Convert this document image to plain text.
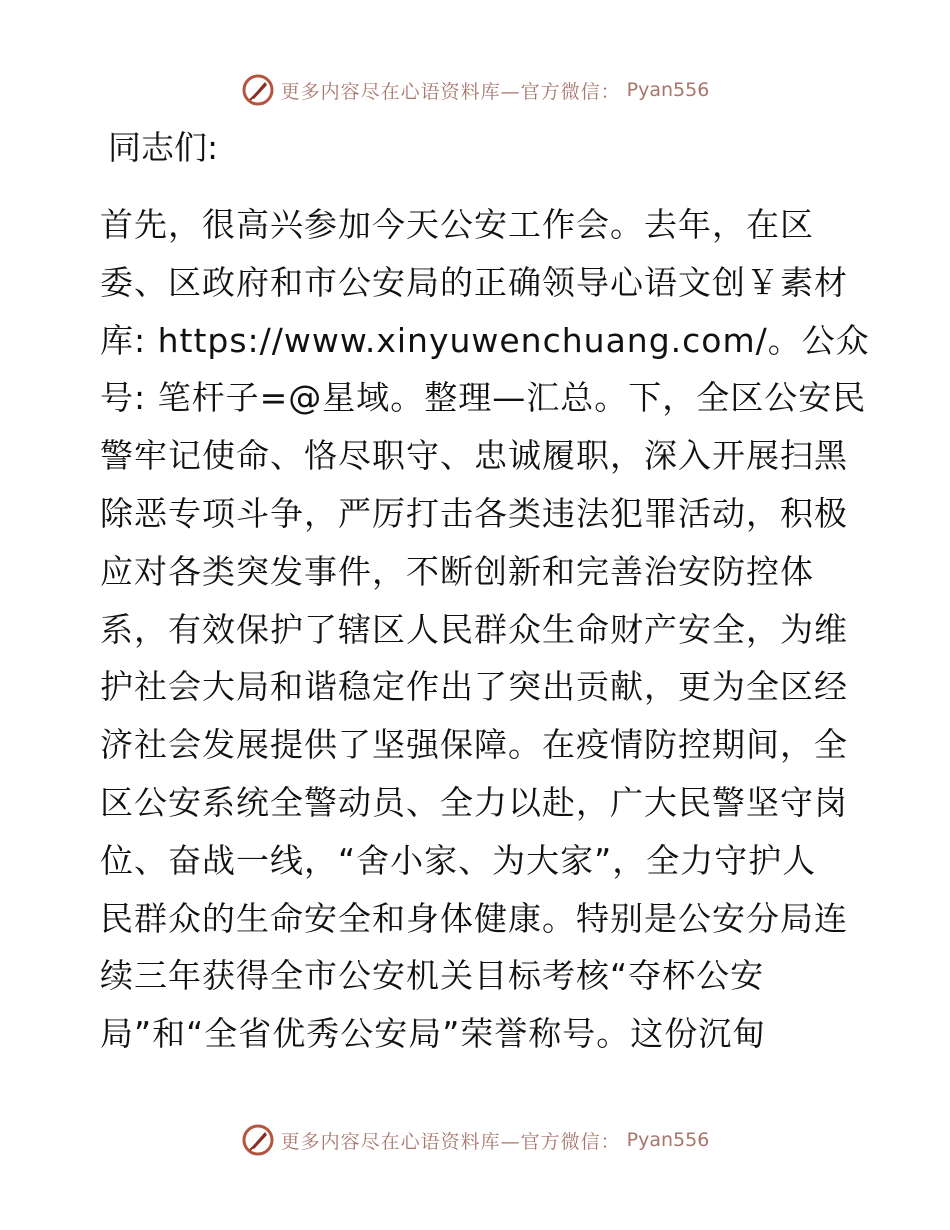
更多内容尽在心语资料库—官方微信： Pyan556
同志们:
首先，很高兴参加今天公安工作会。去年，在区
委、区政府和市公安局的正确领导心语文创￥素材
库: https://www.xinyuwenchuang.com/。公众
号: 笔杆子=@星域。整理—汇总。下，全区公安民
警牢记使命、恪尽职守、忠诚履职，深入开展扫黑
除恶专项斗争，严厉打击各类违法犯罪活动，积极
应对各类突发事件，不断创新和完善治安防控体
系，有效保护了辖区人民群众生命财产安全，为维
护社会大局和谐稳定作出了突出贡献，更为全区经
济社会发展提供了坚强保障。在疫情防控期间，全
区公安系统全警动员、全力以赴，广大民警坚守岗
位、奋战一线，“舍小家、为大家”，全力守护人
民群众的生命安全和身体健康。特别是公安分局连
续三年获得全市公安机关目标考核“夺杯公安
局”和“全省优秀公安局”荣誉称号。这份沉甸
更多内容尽在心语资料库—官方微信： Pyan556
